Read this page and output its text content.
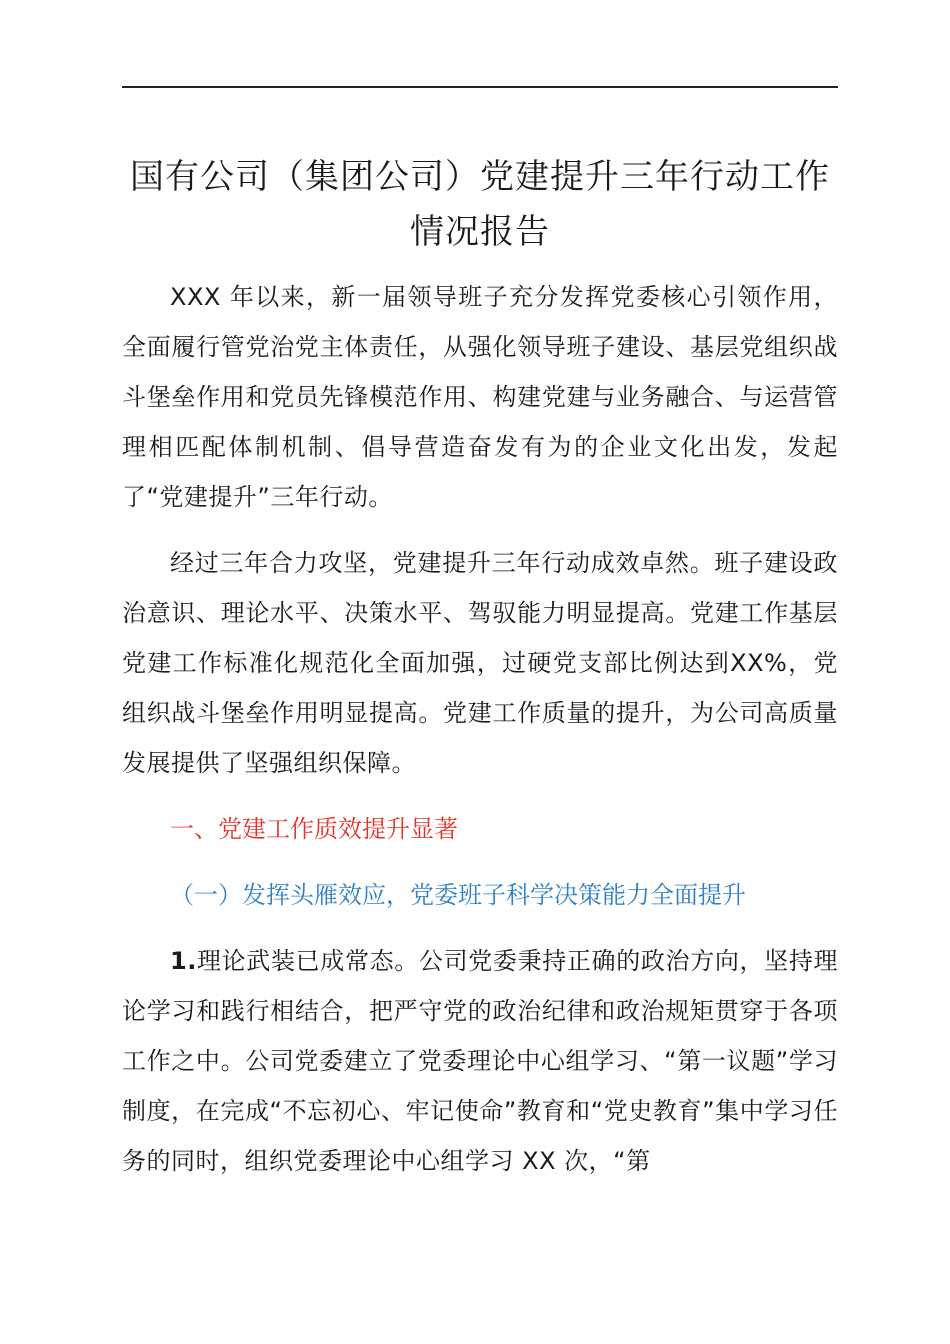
国有公司（集团公司）党建提升三年行动工作
情况报告

XXX 年以来，新一届领导班子充分发挥党委核心引领作用，全面履行管党治党主体责任，从强化领导班子建设、基层党组织战斗堡垒作用和党员先锋模范作用、构建党建与业务融合、与运营管理相匹配体制机制、倡导营造奋发有为的企业文化出发，发起了“党建提升”三年行动。

经过三年合力攻坚，党建提升三年行动成效卓然。班子建设政治意识、理论水平、决策水平、驾驭能力明显提高。党建工作基层党建工作标准化规范化全面加强，过硬党支部比例达到XX%，党组织战斗堡垒作用明显提高。党建工作质量的提升，为公司高质量发展提供了坚强组织保障。

一、党建工作质效提升显著

（一）发挥头雁效应，党委班子科学决策能力全面提升

1.理论武装已成常态。公司党委秉持正确的政治方向，坚持理论学习和践行相结合，把严守党的政治纪律和政治规矩贯穿于各项工作之中。公司党委建立了党委理论中心组学习、“第一议题”学习制度，在完成“不忘初心、牢记使命”教育和“党史教育”集中学习任务的同时，组织党委理论中心组学习 XX 次，“第
